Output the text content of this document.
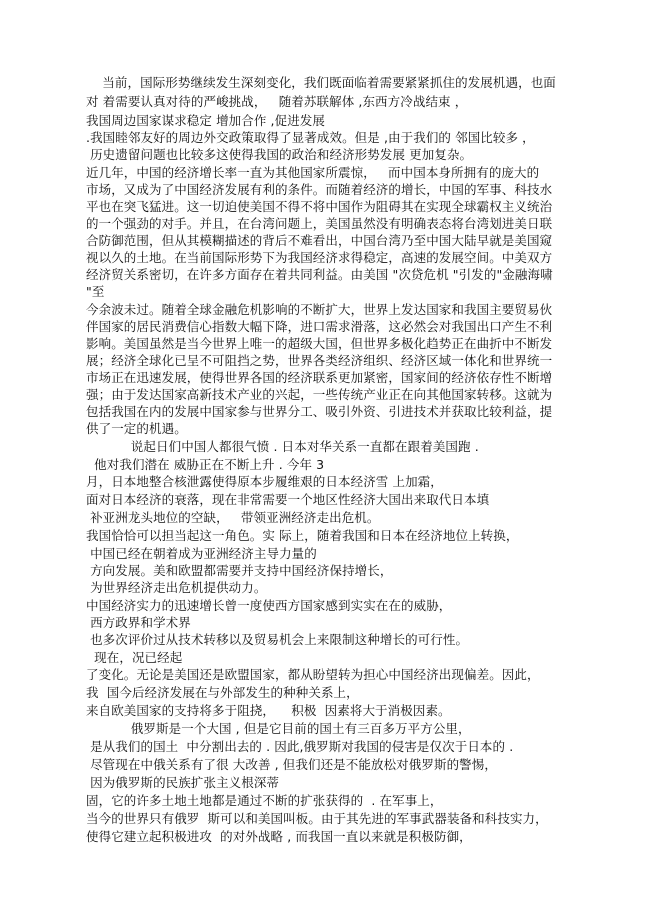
当前，国际形势继续发生深刻变化，我们既面临着需要紧紧抓住的发展机遇，也面
对 着需要认真对待的严峻挑战，   随着苏联解体 ,东西方冷战结束 ，
我国周边国家谋求稳定 增加合作 ,促进发展
.我国睦邻友好的周边外交政策取得了显著成效。但是 ,由于我们的 邻国比较多 ，
历史遗留问题也比较多这使得我国的政治和经济形势发展 更加复杂。
近几年，中国的经济增长率一直为其他国家所震惊，   而中国本身所拥有的庞大的
市场，又成为了中国经济发展有利的条件。而随着经济的增长，中国的军事、科技水
平也在突飞猛进。这一切迫使美国不得不将中国作为阻碍其在实现全球霸权主义统治
的一个强劲的对手。并且，在台湾问题上，美国虽然没有明确表态将台湾划进美日联
合防御范围，但从其模糊描述的背后不难看出，中国台湾乃至中国大陆早就是美国窥
视以久的土地。在当前国际形势下为我国经济求得稳定，高速的发展空间。中美双方
经济贸关系密切，在许多方面存在着共同利益。由美国 "次贷危机 "引发的"金融海啸
"至
今余波未过。随着全球金融危机影响的不断扩大，世界上发达国家和我国主要贸易伙
伴国家的居民消费信心指数大幅下降，进口需求滑落，这必然会对我国出口产生不利
影响。美国虽然是当今世界上唯一的超级大国，但世界多极化趋势正在曲折中不断发
展；经济全球化已呈不可阻挡之势，世界各类经济组织、经济区域一体化和世界统一
市场正在迅速发展，使得世界各国的经济联系更加紧密，国家间的经济依存性不断增
强；由于发达国家高新技术产业的兴起，一些传统产业正在向其他国家转移。这就为
包括我国在内的发展中国家参与世界分工、吸引外资、引进技术并获取比较利益，提
供了一定的机遇。
说起日们中国人都很气愤 . 日本对华关系一直都在跟着美国跑 .
他对我们潜在 威胁正在不断上升 . 今年 3
月，日本地整合核泄露使得原本步履维艰的日本经济雪 上加霜，
面对日本经济的衰落，现在非常需要一个地区性经济大国出来取代日本填
补亚洲龙头地位的空缺，   带领亚洲经济走出危机。
我国恰恰可以担当起这一角色。实 际上，随着我国和日本在经济地位上转换，
中国已经在朝着成为亚洲经济主导力量的
方向发展。美和欧盟都需要并支持中国经济保持增长，
为世界经济走出危机提供动力。
中国经济实力的迅速增长曾一度使西方国家感到实实在在的威胁，
西方政界和学术界
也多次评价过从技术转移以及贸易机会上来限制这种增长的可行性。
现在，况已经起
了变化。无论是美国还是欧盟国家，都从盼望转为担心中国经济出现偏差。因此，
我  国今后经济发展在与外部发生的种种关系上，
来自欧美国家的支持将多于阻挠，    积极  因素将大于消极因素。
俄罗斯是一个大国 , 但是它目前的国土有三百多万平方公里，
是从我们的国土  中分割出去的 . 因此,俄罗斯对我国的侵害是仅次于日本的 .
尽管现在中俄关系有了很 大改善 , 但我们还是不能放松对俄罗斯的警惕，
因为俄罗斯的民族扩张主义根深蒂
固，它的许多土地土地都是通过不断的扩张获得的  . 在军事上，
当今的世界只有俄罗  斯可以和美国叫板。由于其先进的军事武器装备和科技实力，
使得它建立起积极进攻  的对外战略 , 而我国一直以来就是积极防御，
